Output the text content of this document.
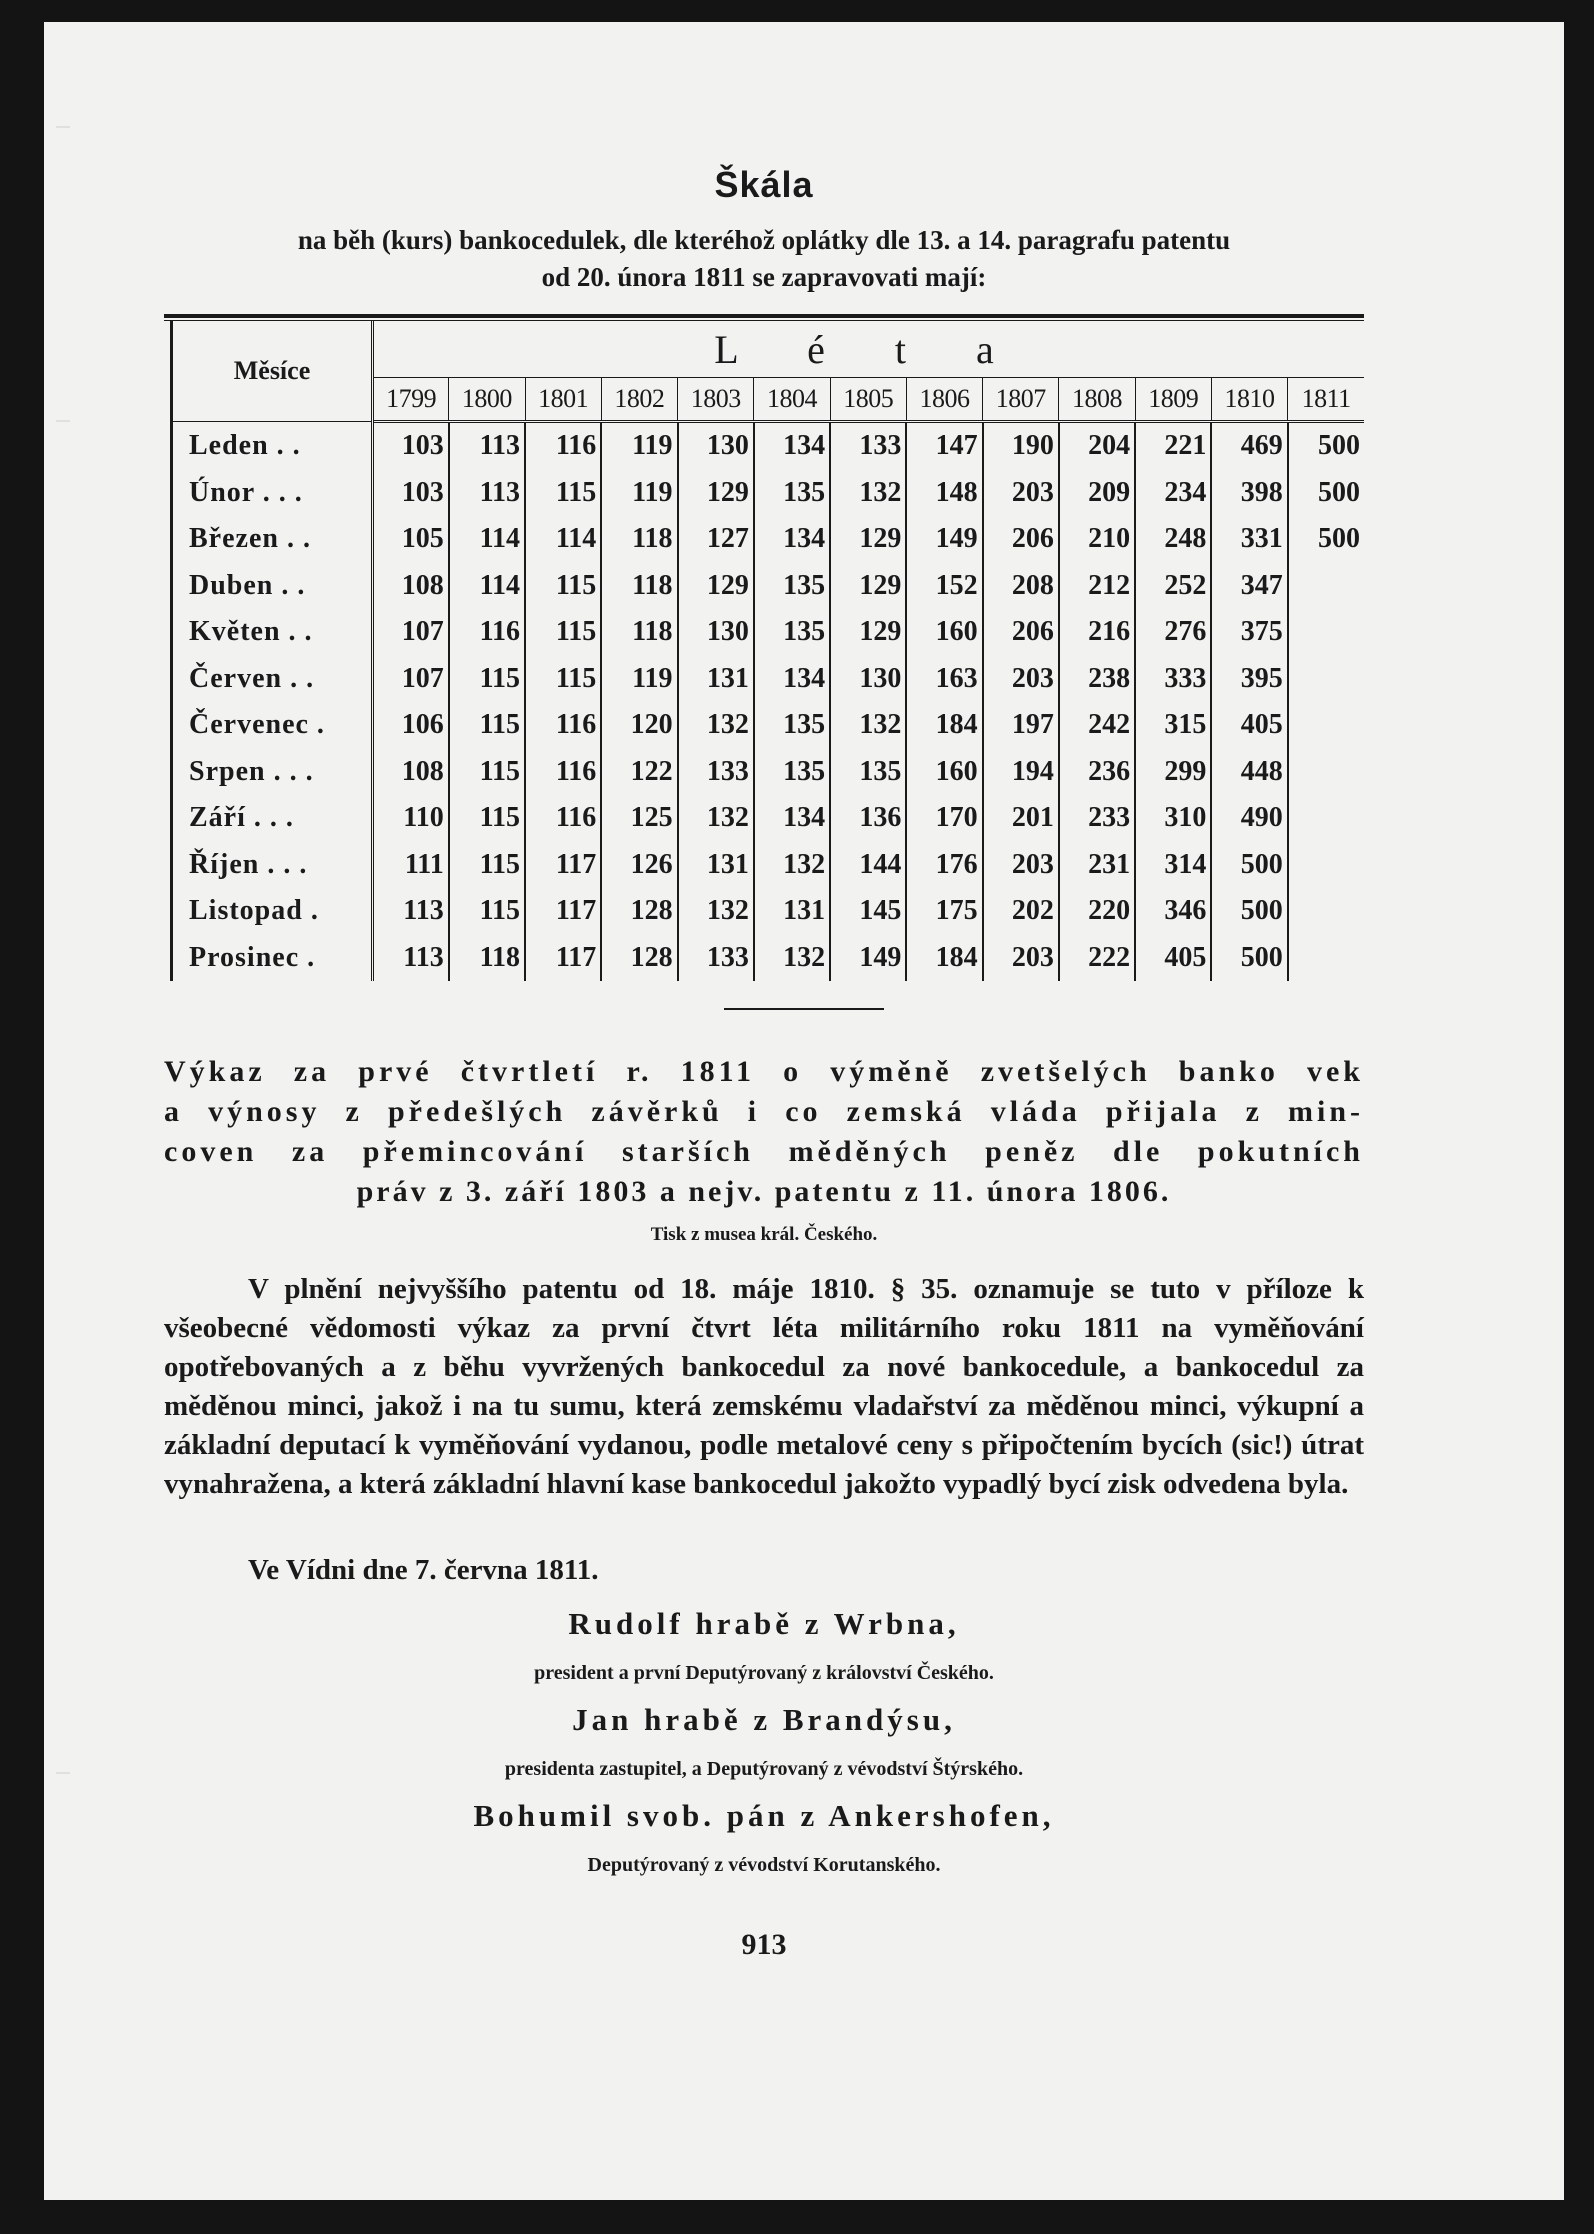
Škála
na běh (kurs) bankocedulek, dle kteréhož oplátky dle 13. a 14. paragrafu patentu
od 20. února 1811 se zapravovati mají:
Měsíce	L é t a												
	1799	1800	1801	1802	1803	1804	1805	1806	1807	1808	1809	1810	1811
Leden . .	103	113	116	119	130	134	133	147	190	204	221	469	500
Únor . . .	103	113	115	119	129	135	132	148	203	209	234	398	500
Březen . .	105	114	114	118	127	134	129	149	206	210	248	331	500
Duben . .	108	114	115	118	129	135	129	152	208	212	252	347	
Květen . .	107	116	115	118	130	135	129	160	206	216	276	375	
Červen . .	107	115	115	119	131	134	130	163	203	238	333	395	
Červenec .	106	115	116	120	132	135	132	184	197	242	315	405	
Srpen . . .	108	115	116	122	133	135	135	160	194	236	299	448	
Září . . .	110	115	116	125	132	134	136	170	201	233	310	490	
Říjen . . .	111	115	117	126	131	132	144	176	203	231	314	500	
Listopad .	113	115	117	128	132	131	145	175	202	220	346	500	
Prosinec .	113	118	117	128	133	132	149	184	203	222	405	500	
Výkaz za prvé čtvrtletí r. 1811 o výměně zvetšelých banko vek
a výnosy z předešlých závěrků i co zemská vláda přijala z min-
coven za přemincování starších měděných peněz dle pokutních
práv z 3. září 1803 a nejv. patentu z 11. února 1806.
Tisk z musea král. Českého.
V plnění nejvyššího patentu od 18. máje 1810. § 35. oznamuje se tuto v příloze k všeobecné vědomosti výkaz za první čtvrt léta militárního roku 1811 na vyměňování opotřebovaných a z běhu vyvržených bankocedul za nové bankocedule, a bankocedul za měděnou minci, jakož i na tu sumu, která zemskému vladařství za měděnou minci, výkupní a základní deputací k vyměňování vydanou, podle metalové ceny s připočtením bycích (sic!) útrat vynahražena, a která základní hlavní kase bankocedul jakožto vypadlý bycí zisk odvedena byla.
Ve Vídni dne 7. června 1811.
Rudolf hrabě z Wrbna,
president a první Deputýrovaný z království Českého.
Jan hrabě z Brandýsu,
presidenta zastupitel, a Deputýrovaný z vévodství Štýrského.
Bohumil svob. pán z Ankershofen,
Deputýrovaný z vévodství Korutanského.
913
